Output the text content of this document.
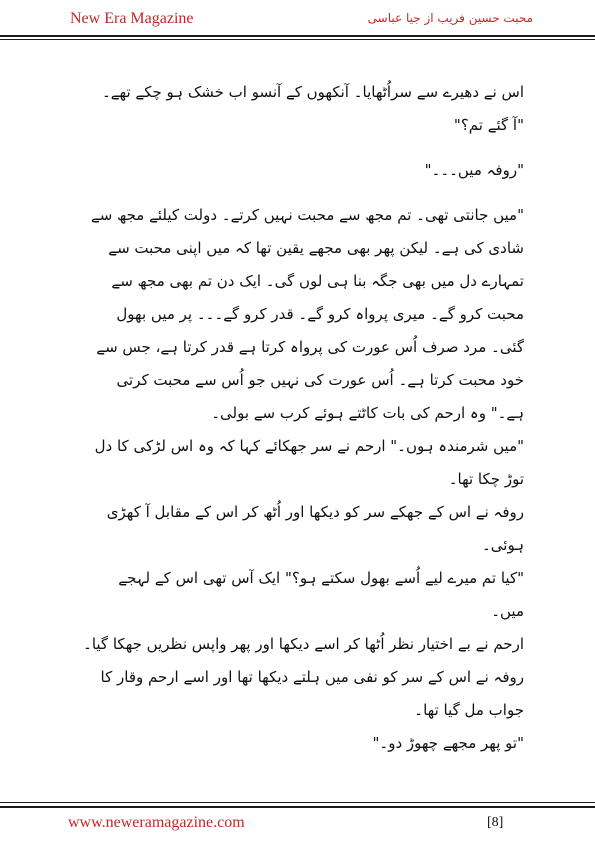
New Era Magazine	محبت حسین فریب از جیا عباسی

اس نے دھیرے سے سراُٹھایا۔ آنکھوں کے آنسو اب خشک ہو چکے تھے۔

"آ گئے تم؟"

"روفہ میں۔۔۔"

"میں جانتی تھی۔ تم مجھ سے محبت نہیں کرتے۔ دولت کیلئے مجھ سے شادی کی ہے۔ لیکن پھر بھی مجھے یقین تھا کہ میں اپنی محبت سے تمہارے دل میں بھی جگہ بنا ہی لوں گی۔ ایک دن تم بھی مجھ سے محبت کرو گے۔ میری پرواہ کرو گے۔ قدر کرو گے۔۔۔ پر میں بھول گئی۔ مرد صرف اُس عورت کی پرواہ کرتا ہے قدر کرتا ہے، جس سے خود محبت کرتا ہے۔ اُس عورت کی نہیں جو اُس سے محبت کرتی ہے۔" وہ ارحم کی بات کاٹتے ہوئے کرب سے بولی۔

"میں شرمندہ ہوں۔" ارحم نے سر جھکائے کہا کہ وہ اس لڑکی کا دل توڑ چکا تھا۔

روفہ نے اس کے جھکے سر کو دیکھا اور اُٹھ کر اس کے مقابل آ کھڑی ہوئی۔

"کیا تم میرے لیے اُسے بھول سکتے ہو؟" ایک آس تھی اس کے لہجے میں۔

ارحم نے بے اختیار نظر اُٹھا کر اسے دیکھا اور پھر واپس نظریں جھکا گیا۔ روفہ نے اس کے سر کو نفی میں ہلتے دیکھا تھا اور اسے ارحم وقار کا جواب مل گیا تھا۔

"تو پھر مجھے چھوڑ دو۔"

www.neweramagazine.com	[8]
